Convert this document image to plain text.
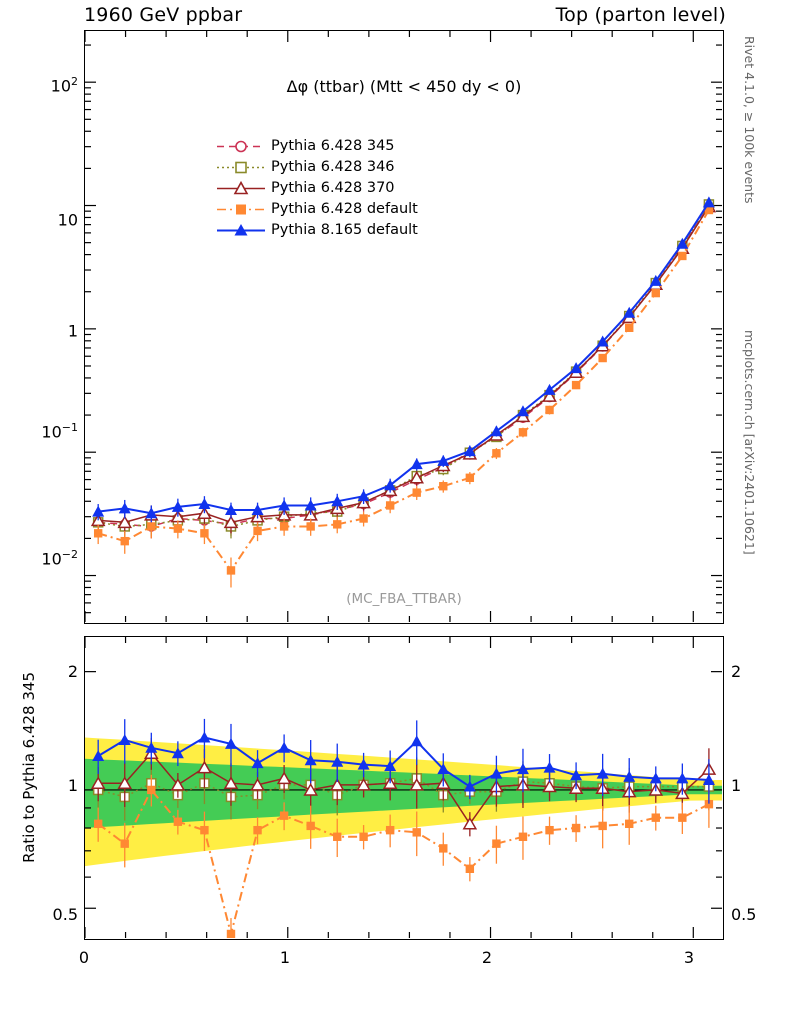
1960 GeV ppbar	Top (parton level)
Rivet 4.1.0, ≥ 100k events
mcplots.cern.ch [arXiv:2401.10621]
Δφ (ttbar) (Mtt < 450 dy < 0)
(MC_FBA_TTBAR)
Pythia 6.428 345
Pythia 6.428 346
Pythia 6.428 370
Pythia 6.428 default
Pythia 8.165 default
$10^2$
10
1
$10^{-1}$
$10^{-2}$
Ratio to Pythia 6.428 345
2
1
0.5
2
1
0.5
0	1	2	3
